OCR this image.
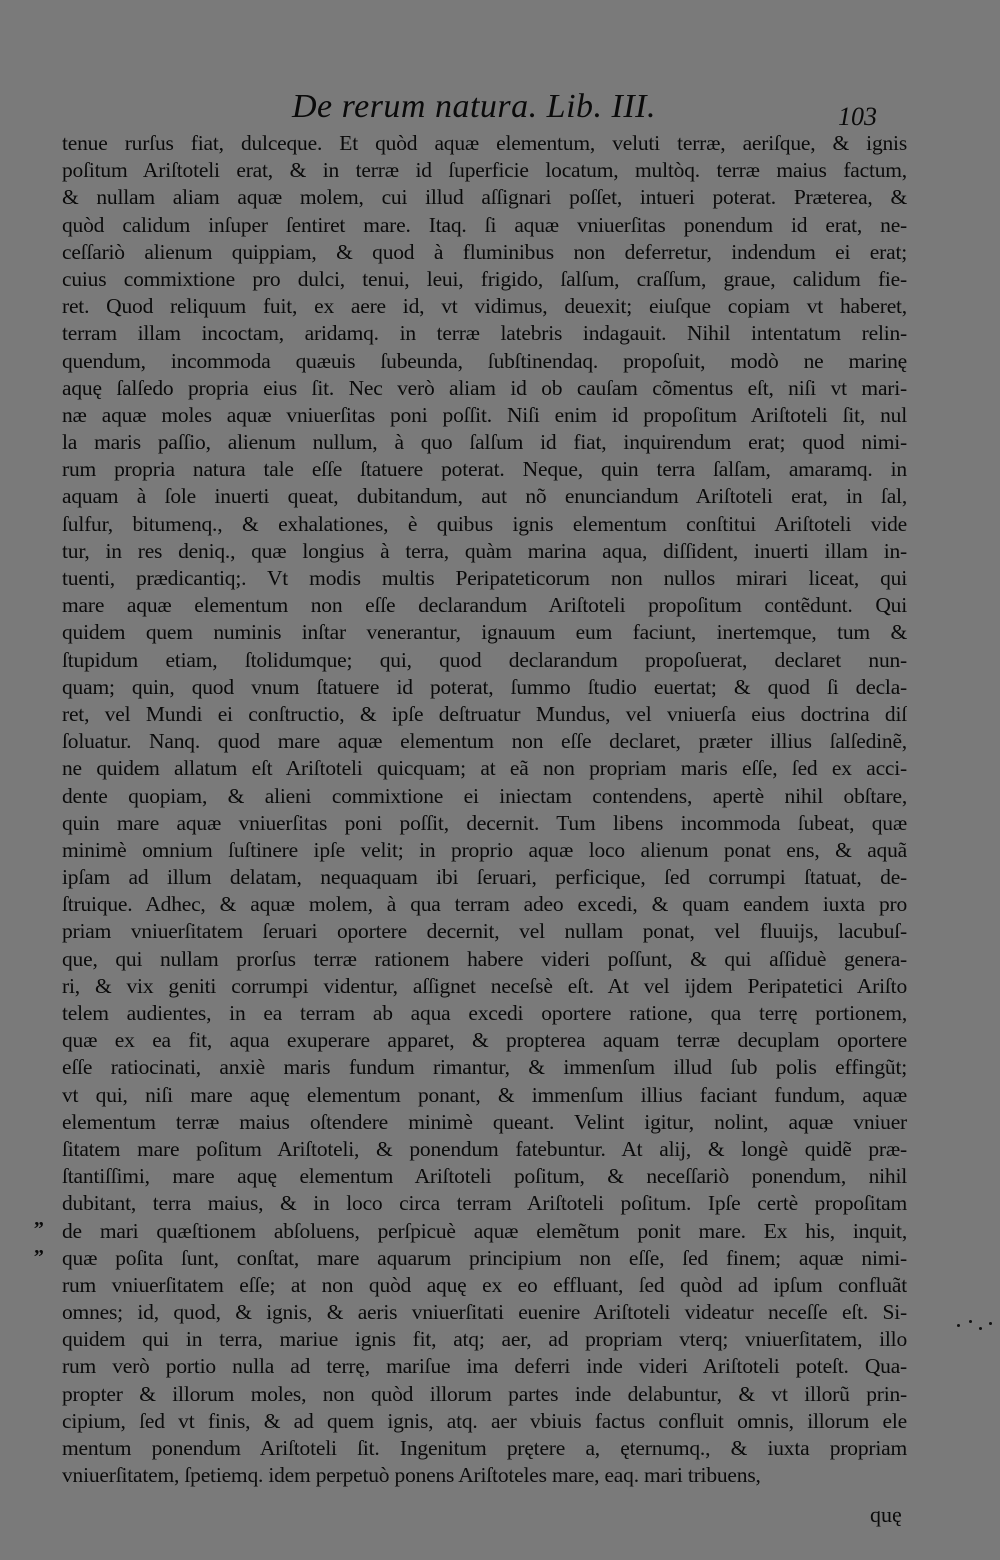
De rerum natura. Lib. III.	103
tenue rurſus fiat, dulceque. Et quòd aquæ elementum, veluti terræ, aeriſque, & ignis
poſitum Ariſtoteli erat, & in terræ id ſuperficie locatum, multòq. terræ maius factum,
& nullam aliam aquæ molem, cui illud aſſignari poſſet, intueri poterat. Præterea, &
quòd calidum inſuper ſentiret mare. Itaq. ſi aquæ vniuerſitas ponendum id erat, ne-
ceſſariò alienum quippiam, & quod à fluminibus non deferretur, indendum ei erat;
cuius commixtione pro dulci, tenui, leui, frigido, ſalſum, craſſum, graue, calidum fie-
ret. Quod reliquum fuit, ex aere id, vt vidimus, deuexit; eiuſque copiam vt haberet,
terram illam incoctam, aridamq. in terræ latebris indagauit. Nihil intentatum relin-
quendum, incommoda quæuis ſubeunda, ſubſtinendaq. propoſuit, modò ne marinę
aquę ſalſedo propria eius ſit. Nec verò aliam id ob cauſam cõmentus eſt, niſi vt mari-
næ aquæ moles aquæ vniuerſitas poni poſſit. Niſi enim id propoſitum Ariſtoteli ſit, nul
la maris paſſio, alienum nullum, à quo ſalſum id fiat, inquirendum erat; quod nimi-
rum propria natura tale eſſe ſtatuere poterat. Neque, quin terra ſalſam, amaramq. in
aquam à ſole inuerti queat, dubitandum, aut nõ enunciandum Ariſtoteli erat, in ſal,
ſulfur, bitumenq., & exhalationes, è quibus ignis elementum conſtitui Ariſtoteli vide
tur, in res deniq., quæ longius à terra, quàm marina aqua, diſſident, inuerti illam in-
tuenti, prædicantiq;. Vt modis multis Peripateticorum non nullos mirari liceat, qui
mare aquæ elementum non eſſe declarandum Ariſtoteli propoſitum contẽdunt. Qui
quidem quem numinis inſtar venerantur, ignauum eum faciunt, inertemque, tum &
ſtupidum etiam, ſtolidumque; qui, quod declarandum propoſuerat, declaret nun-
quam; quin, quod vnum ſtatuere id poterat, ſummo ſtudio euertat; & quod ſi decla-
ret, vel Mundi ei conſtructio, & ipſe deſtruatur Mundus, vel vniuerſa eius doctrina diſ
ſoluatur. Nanq. quod mare aquæ elementum non eſſe declaret, præter illius ſalſedinẽ,
ne quidem allatum eſt Ariſtoteli quicquam; at eã non propriam maris eſſe, ſed ex acci-
dente quopiam, & alieni commixtione ei iniectam contendens, apertè nihil obſtare,
quin mare aquæ vniuerſitas poni poſſit, decernit. Tum libens incommoda ſubeat, quæ
minimè omnium ſuſtinere ipſe velit; in proprio aquæ loco alienum ponat ens, & aquã
ipſam ad illum delatam, nequaquam ibi ſeruari, perficique, ſed corrumpi ſtatuat, de-
ſtruique. Adhec, & aquæ molem, à qua terram adeo excedi, & quam eandem iuxta pro
priam vniuerſitatem ſeruari oportere decernit, vel nullam ponat, vel fluuijs, lacubuſ-
que, qui nullam prorſus terræ rationem habere videri poſſunt, & qui aſſiduè genera-
ri, & vix geniti corrumpi videntur, aſſignet neceſsè eſt. At vel ijdem Peripatetici Ariſto
telem audientes, in ea terram ab aqua excedi oportere ratione, qua terrę portionem,
quæ ex ea fit, aqua exuperare apparet, & propterea aquam terræ decuplam oportere
eſſe ratiocinati, anxiè maris fundum rimantur, & immenſum illud ſub polis effingũt;
vt qui, niſi mare aquę elementum ponant, & immenſum illius faciant fundum, aquæ
elementum terræ maius oſtendere minimè queant. Velint igitur, nolint, aquæ vniuer
ſitatem mare poſitum Ariſtoteli, & ponendum fatebuntur. At alij, & longè quidẽ præ-
ſtantiſſimi, mare aquę elementum Ariſtoteli poſitum, & neceſſariò ponendum, nihil
dubitant, terra maius, & in loco circa terram Ariſtoteli poſitum. Ipſe certè propoſitam
de mari quæſtionem abſoluens, perſpicuè aquæ elemẽtum ponit mare. Ex his, inquit,
quæ poſita ſunt, conſtat, mare aquarum principium non eſſe, ſed finem; aquæ nimi-
rum vniuerſitatem eſſe; at non quòd aquę ex eo effluant, ſed quòd ad ipſum confluãt
omnes; id, quod, & ignis, & aeris vniuerſitati euenire Ariſtoteli videatur neceſſe eſt. Si-
quidem qui in terra, mariue ignis fit, atq; aer, ad propriam vterq; vniuerſitatem, illo
rum verò portio nulla ad terrę, mariſue ima deferri inde videri Ariſtoteli poteſt. Qua-
propter & illorum moles, non quòd illorum partes inde delabuntur, & vt illorũ prin-
cipium, ſed vt finis, & ad quem ignis, atq. aer vbiuis factus confluit omnis, illorum ele
mentum ponendum Ariſtoteli ſit. Ingenitum prętere a, ęternumq., & iuxta propriam
vniuerſitatem, ſpetiemq. idem perpetuò ponens Ariſtoteles mare, eaq. mari tribuens,
„
„
quę
